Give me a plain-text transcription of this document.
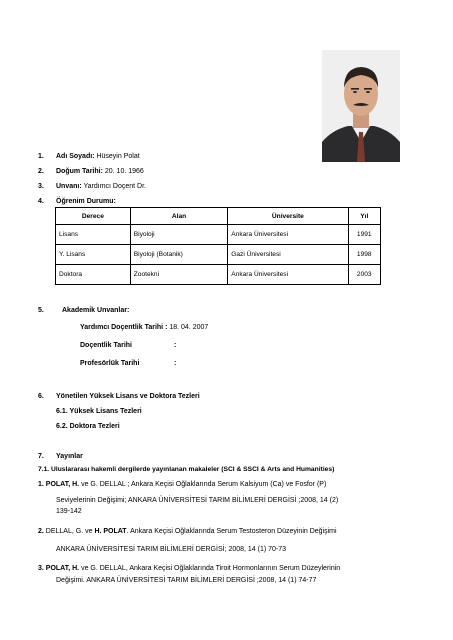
1. Adı Soyadı: Hüseyin Polat
2. Doğum Tarihi: 20. 10. 1966
3. Unvanı: Yardımcı Doçent Dr.
4. Öğrenim Durumu:
Derece	Alan	Üniversite	Yıl
Lisans	Biyoloji	Ankara Üniversitesi	1991
Y. Lisans	Biyoloji (Botanik)	Gazi Üniversitesi	1998
Doktora	Zootekni	Ankara Üniversitesi	2003
5.	Akademik Unvanlar:
Yardımcı Doçentlik Tarihi : 18. 04. 2007
Doçentlik Tarihi	:
Profesörlük Tarihi	:
6. Yönetilen Yüksek Lisans ve Doktora Tezleri
6.1. Yüksek Lisans Tezleri
6.2. Doktora Tezleri
7. Yayınlar
7.1. Uluslararası hakemli dergilerde yayınlanan makaleler (SCI & SSCI & Arts and Humanities)
1. POLAT, H. ve G. DELLAL ; Ankara Keçisi Oğlaklarında Serum Kalsiyum (Ca) ve Fosfor (P)
Seviyelerinin Değişimi; ANKARA ÜNİVERSİTESİ TARIM BİLİMLERİ DERGİSİ ;2008, 14 (2)
139-142
2. DELLAL, G. ve H. POLAT. Ankara Keçisi Oğlaklarında Serum Testosteron Düzeyinin Değişimi
ANKARA ÜNİVERSİTESİ TARIM BİLİMLERİ DERGİSİ; 2008, 14 (1) 70-73
3. POLAT, H. ve G. DELLAL, Ankara Keçisi Oğlaklarında Tiroit Hormonlarının Serum Düzeylerinin
Değişimi. ANKARA ÜNİVERSİTESİ TARIM BİLİMLERİ DERGİSİ ;2008, 14 (1) 74-77
